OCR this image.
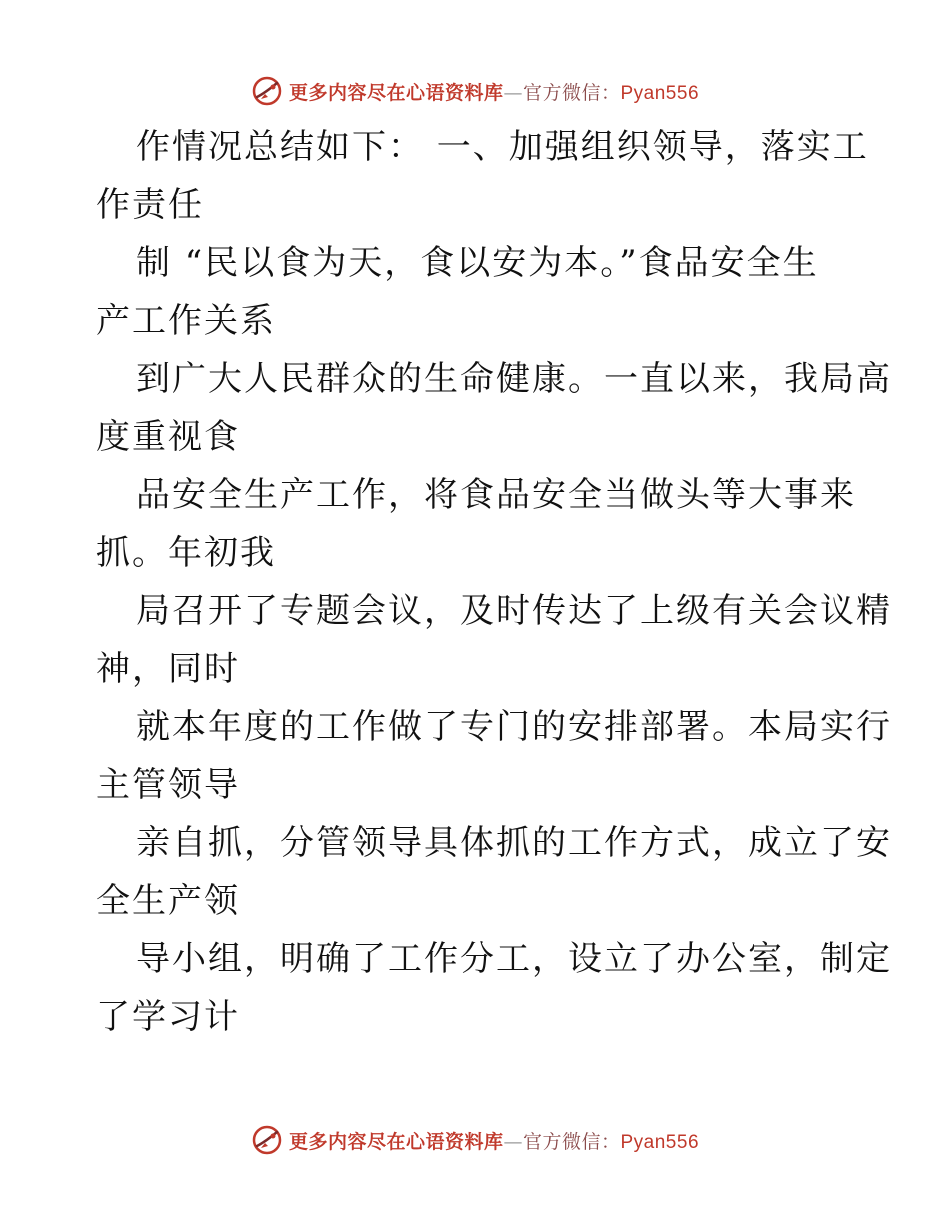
更多内容尽在心语资料库—官方微信：Pyan556
作情况总结如下： 一、加强组织领导，落实工
作责任
制 “民以食为天，食以安为本。”食品安全生
产工作关系
到广大人民群众的生命健康。一直以来，我局高
度重视食
品安全生产工作，将食品安全当做头等大事来
抓。年初我
局召开了专题会议，及时传达了上级有关会议精
神，同时
就本年度的工作做了专门的安排部署。本局实行
主管领导
亲自抓，分管领导具体抓的工作方式，成立了安
全生产领
导小组，明确了工作分工，设立了办公室，制定
了学习计
更多内容尽在心语资料库—官方微信：Pyan556
